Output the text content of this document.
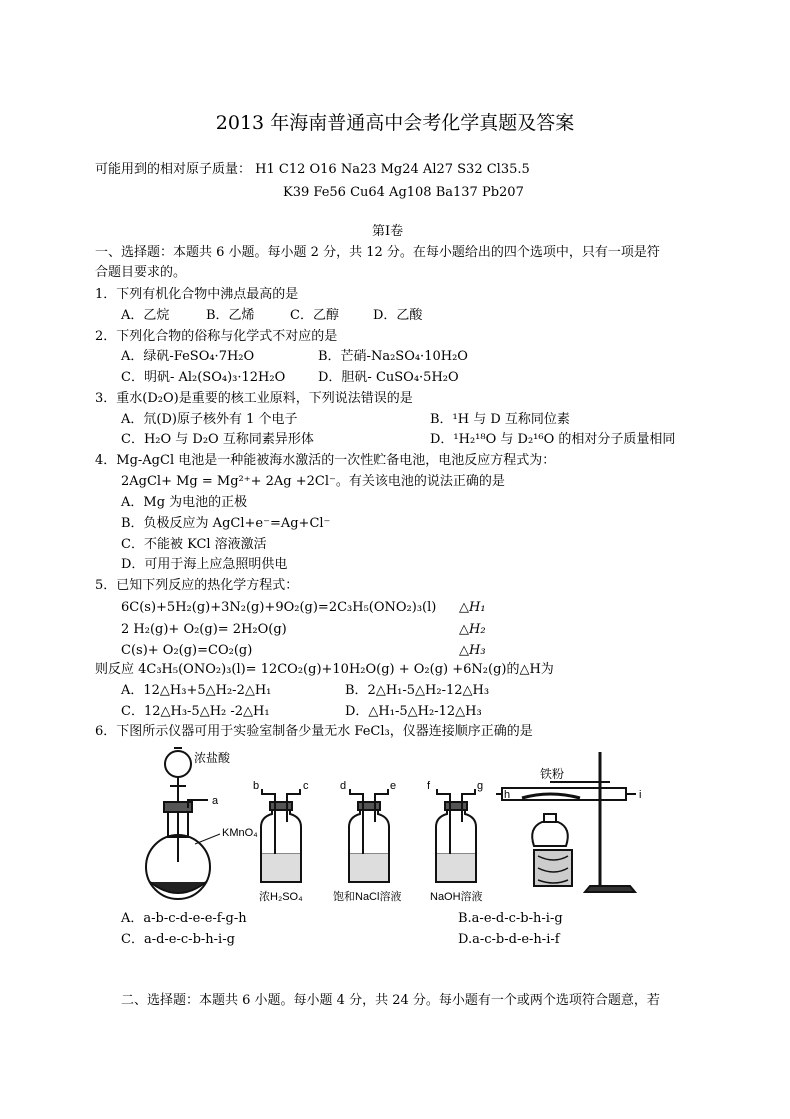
2013 年海南普通高中会考化学真题及答案
可能用到的相对原子质量： H1 C12 O16 Na23 Mg24 Al27 S32 Cl35.5
K39 Fe56 Cu64 Ag108 Ba137 Pb207
第Ⅰ卷
一、选择题：本题共 6 小题。每小题 2 分，共 12 分。在每小题给出的四个选项中，只有一项是符
合题目要求的。
1．下列有机化合物中沸点最高的是
A．乙烷	B．乙烯	C．乙醇	D．乙酸
2．下列化合物的俗称与化学式不对应的是
A．绿矾-FeSO₄·7H₂O	B．芒硝-Na₂SO₄·10H₂O
C．明矾- Al₂(SO₄)₃·12H₂O	D．胆矾- CuSO₄·5H₂O
3．重水(D₂O)是重要的核工业原料，下列说法错误的是
A．氘(D)原子核外有 1 个电子	B．¹H 与 D 互称同位素
C．H₂O 与 D₂O 互称同素异形体	D．¹H₂¹⁸O 与 D₂¹⁶O 的相对分子质量相同
4．Mg-AgCl 电池是一种能被海水激活的一次性贮备电池，电池反应方程式为：
2AgCl+ Mg = Mg²⁺+ 2Ag +2Cl⁻。有关该电池的说法正确的是
A．Mg 为电池的正极
B．负极反应为 AgCl+e⁻=Ag+Cl⁻
C．不能被 KCl 溶液激活
D．可用于海上应急照明供电
5．已知下列反应的热化学方程式：
6C(s)+5H₂(g)+3N₂(g)+9O₂(g)=2C₃H₅(ONO₂)₃(l) △H₁
2 H₂(g)+ O₂(g)= 2H₂O(g)	△H₂
C(s)+ O₂(g)=CO₂(g)	△H₃
则反应 4C₃H₅(ONO₂)₃(l)= 12CO₂(g)+10H₂O(g) + O₂(g) +6N₂(g)的△H为
A．12△H₃+5△H₂-2△H₁	B．2△H₁-5△H₂-12△H₃
C．12△H₃-5△H₂ -2△H₁	D．△H₁-5△H₂-12△H₃
6．下图所示仪器可用于实验室制备少量无水 FeCl₃，仪器连接顺序正确的是
浓盐酸
KMnO₄
铁粉
浓H₂SO₄	饱和NaCl溶液	NaOH溶液
a
b	c	d	e	f	g
h	i
A．a-b-c-d-e-e-f-g-h	B.a-e-d-c-b-h-i-g
C．a-d-e-c-b-h-i-g	D.a-c-b-d-e-h-i-f
二、选择题：本题共 6 小题。每小题 4 分，共 24 分。每小题有一个或两个选项符合题意，若
